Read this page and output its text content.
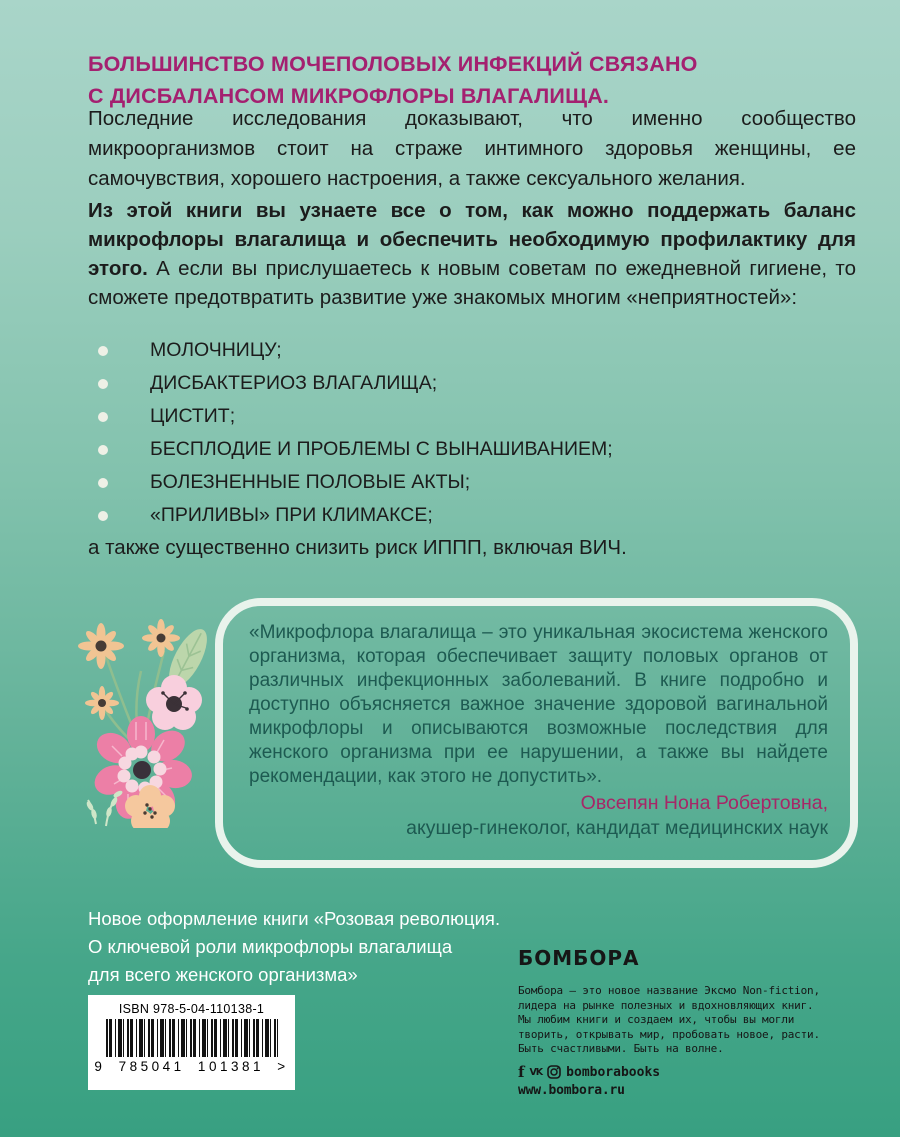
БОЛЬШИНСТВО МОЧЕПОЛОВЫХ ИНФЕКЦИЙ СВЯЗАНО
С ДИСБАЛАНСОМ МИКРОФЛОРЫ ВЛАГАЛИЩА.

Последние исследования доказывают, что именно сообщество микроорганизмов стоит на страже интимного здоровья женщины, ее самочувствия, хорошего настроения, а также сексуального желания.

Из этой книги вы узнаете все о том, как можно поддержать баланс микрофлоры влагалища и обеспечить необходимую профилактику для этого. А если вы прислушаетесь к новым советам по ежедневной гигиене, то сможете предотвратить развитие уже знакомых многим «неприятностей»:

МОЛОЧНИЦУ;
ДИСБАКТЕРИОЗ ВЛАГАЛИЩА;
ЦИСТИТ;
БЕСПЛОДИЕ И ПРОБЛЕМЫ С ВЫНАШИВАНИЕМ;
БОЛЕЗНЕННЫЕ ПОЛОВЫЕ АКТЫ;
«ПРИЛИВЫ» ПРИ КЛИМАКСЕ;

а также существенно снизить риск ИППП, включая ВИЧ.

«Микрофлора влагалища – это уникальная экосистема женского организма, которая обеспечивает защиту половых органов от различных инфекционных заболеваний. В книге подробно и доступно объясняется важное значение здоровой вагинальной микрофлоры и описываются возможные последствия для женского организма при ее нарушении, а также вы найдете рекомендации, как этого не допустить».

Овсепян Нона Робертовна,
акушер-гинеколог, кандидат медицинских наук
Новое оформление книги «Розовая революция.
О ключевой роли микрофлоры влагалища
для всего женского организма»
ISBN 978-5-04-110138-1
9 785041 101381 >
БОМБОРА
Бомбора — это новое название Эксмо Non-fiction,
лидера на рынке полезных и вдохновляющих книг.
Мы любим книги и создаем их, чтобы вы могли
творить, открывать мир, пробовать новое, расти.
Быть счастливыми. Быть на волне.
f VK bomborabooks
www.bombora.ru
